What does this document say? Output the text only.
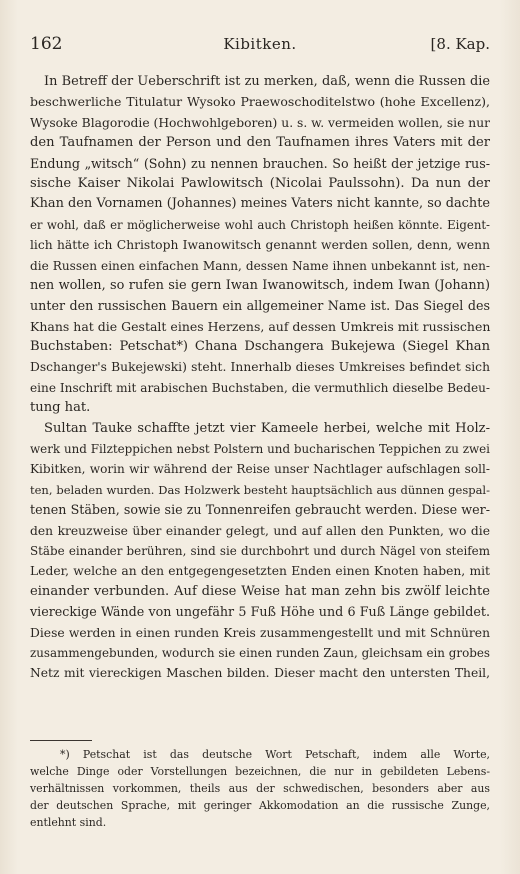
162	Kibitken.	[8. Kap.
In Betreff der Ueberschrift ist zu merken, daß, wenn die Russen die
beschwerliche Titulatur Wysoko Praewoschoditelstwo (hohe Excellenz),
Wysoke Blagorodie (Hochwohlgeboren) u. s. w. vermeiden wollen, sie nur
den Taufnamen der Person und den Taufnamen ihres Vaters mit der
Endung „witsch“ (Sohn) zu nennen brauchen. So heißt der jetzige rus-
sische Kaiser Nikolai Pawlowitsch (Nicolai Paulssohn). Da nun der
Khan den Vornamen (Johannes) meines Vaters nicht kannte, so dachte
er wohl, daß er möglicherweise wohl auch Christoph heißen könnte. Eigent-
lich hätte ich Christoph Iwanowitsch genannt werden sollen, denn, wenn
die Russen einen einfachen Mann, dessen Name ihnen unbekannt ist, nen-
nen wollen, so rufen sie gern Iwan Iwanowitsch, indem Iwan (Johann)
unter den russischen Bauern ein allgemeiner Name ist. Das Siegel des
Khans hat die Gestalt eines Herzens, auf dessen Umkreis mit russischen
Buchstaben: Petschat*) Chana Dschangera Bukejewa (Siegel Khan
Dschanger's Bukejewski) steht. Innerhalb dieses Umkreises befindet sich
eine Inschrift mit arabischen Buchstaben, die vermuthlich dieselbe Bedeu-
tung hat.
Sultan Tauke schaffte jetzt vier Kameele herbei, welche mit Holz-
werk und Filzteppichen nebst Polstern und bucharischen Teppichen zu zwei
Kibitken, worin wir während der Reise unser Nachtlager aufschlagen soll-
ten, beladen wurden. Das Holzwerk besteht hauptsächlich aus dünnen gespal-
tenen Stäben, sowie sie zu Tonnenreifen gebraucht werden. Diese wer-
den kreuzweise über einander gelegt, und auf allen den Punkten, wo die
Stäbe einander berühren, sind sie durchbohrt und durch Nägel von steifem
Leder, welche an den entgegengesetzten Enden einen Knoten haben, mit
einander verbunden. Auf diese Weise hat man zehn bis zwölf leichte
viereckige Wände von ungefähr 5 Fuß Höhe und 6 Fuß Länge gebildet.
Diese werden in einen runden Kreis zusammengestellt und mit Schnüren
zusammengebunden, wodurch sie einen runden Zaun, gleichsam ein grobes
Netz mit viereckigen Maschen bilden. Dieser macht den untersten Theil,
*) Petschat ist das deutsche Wort Petschaft, indem alle Worte,
welche Dinge oder Vorstellungen bezeichnen, die nur in gebildeten Lebens-
verhältnissen vorkommen, theils aus der schwedischen, besonders aber aus
der deutschen Sprache, mit geringer Akkomodation an die russische Zunge,
entlehnt sind.
